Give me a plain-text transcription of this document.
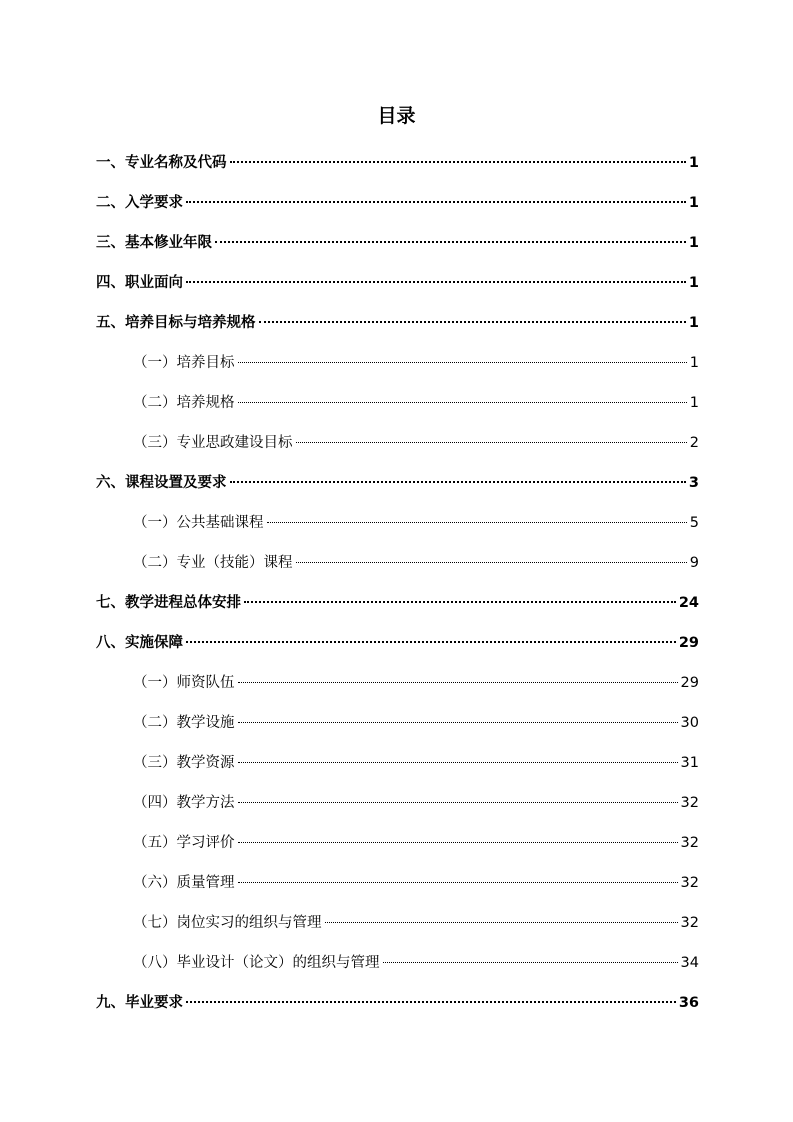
目录
一、专业名称及代码	1
二、入学要求	1
三、基本修业年限	1
四、职业面向	1
五、培养目标与培养规格	1
（一）培养目标	1
（二）培养规格	1
（三）专业思政建设目标	2
六、课程设置及要求	3
（一）公共基础课程	5
（二）专业（技能）课程	9
七、教学进程总体安排	24
八、实施保障	29
（一）师资队伍	29
（二）教学设施	30
（三）教学资源	31
（四）教学方法	32
（五）学习评价	32
（六）质量管理	32
（七）岗位实习的组织与管理	32
（八）毕业设计（论文）的组织与管理	34
九、毕业要求	36
